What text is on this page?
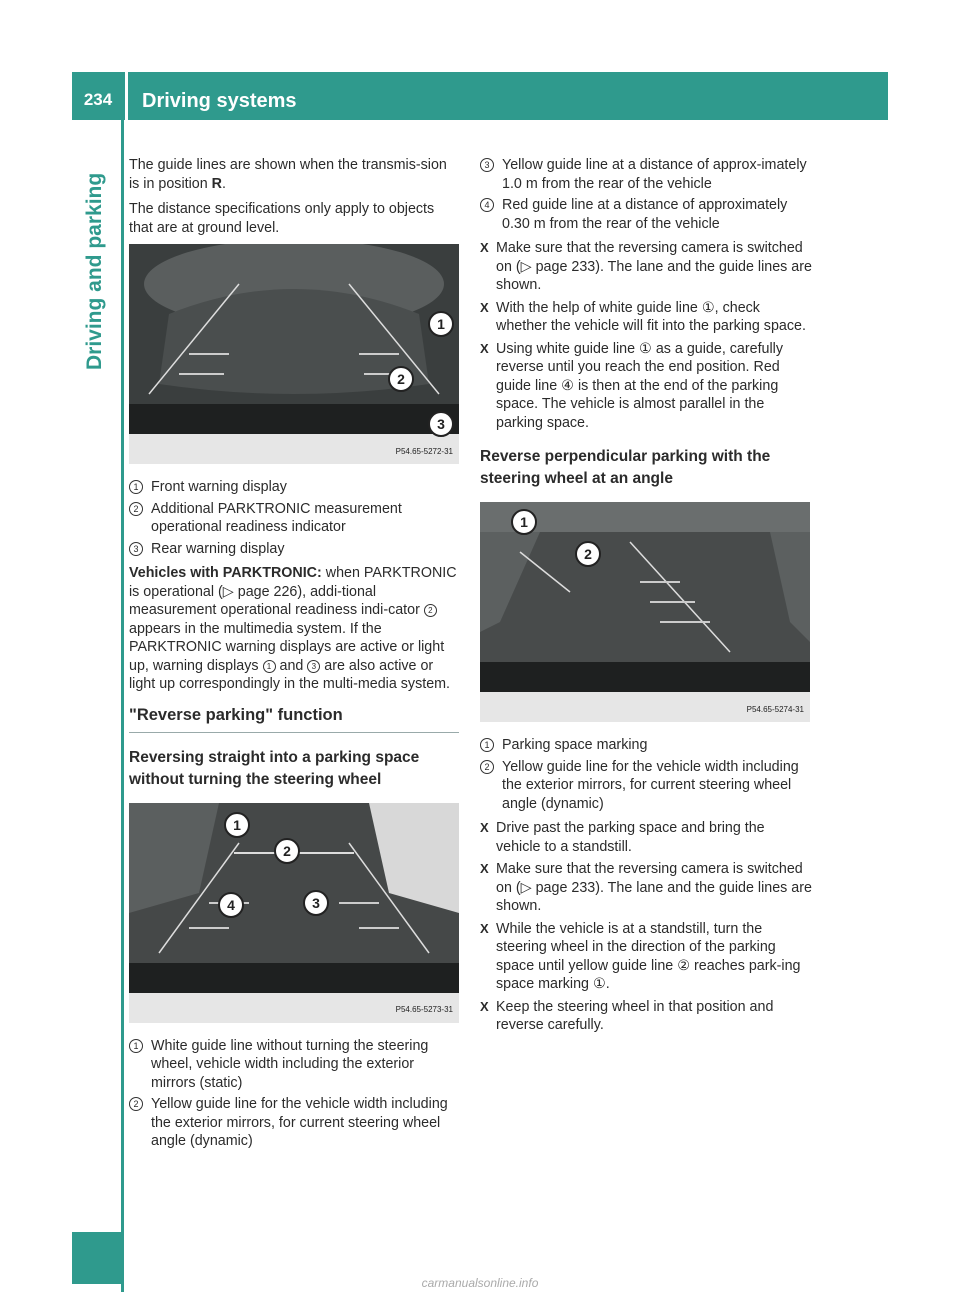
234	Driving systems
Driving and parking

The guide lines are shown when the transmis-sion is in position R.

The distance specifications only apply to objects that are at ground level.

1
2
3
P54.65-5272-31
1 Front warning display
2 Additional PARKTRONIC measurement operational readiness indicator
3 Rear warning display

Vehicles with PARKTRONIC: when PARKTRONIC is operational (▷ page 226), addi-tional measurement operational readiness indi-cator 2 appears in the multimedia system. If the PARKTRONIC warning displays are active or light up, warning displays 1 and 3 are also active or light up correspondingly in the multi-media system.

"Reverse parking" function
Reversing straight into a parking space without turning the steering wheel
1
2
3
4
P54.65-5273-31
1 White guide line without turning the steering wheel, vehicle width including the exterior mirrors (static)
2 Yellow guide line for the vehicle width including the exterior mirrors, for current steering wheel angle (dynamic)
3 Yellow guide line at a distance of approx-imately 1.0 m from the rear of the vehicle
4 Red guide line at a distance of approximately 0.30 m from the rear of the vehicle
X Make sure that the reversing camera is switched on (▷ page 233). The lane and the guide lines are shown.
X With the help of white guide line ①, check whether the vehicle will fit into the parking space.
X Using white guide line ① as a guide, carefully reverse until you reach the end position. Red guide line ④ is then at the end of the parking space. The vehicle is almost parallel in the parking space.
Reverse perpendicular parking with the steering wheel at an angle
1
2
P54.65-5274-31
1 Parking space marking
2 Yellow guide line for the vehicle width including the exterior mirrors, for current steering wheel angle (dynamic)
X Drive past the parking space and bring the vehicle to a standstill.
X Make sure that the reversing camera is switched on (▷ page 233). The lane and the guide lines are shown.
X While the vehicle is at a standstill, turn the steering wheel in the direction of the parking space until yellow guide line ② reaches park-ing space marking ①.
X Keep the steering wheel in that position and reverse carefully.
carmanualsonline.info
